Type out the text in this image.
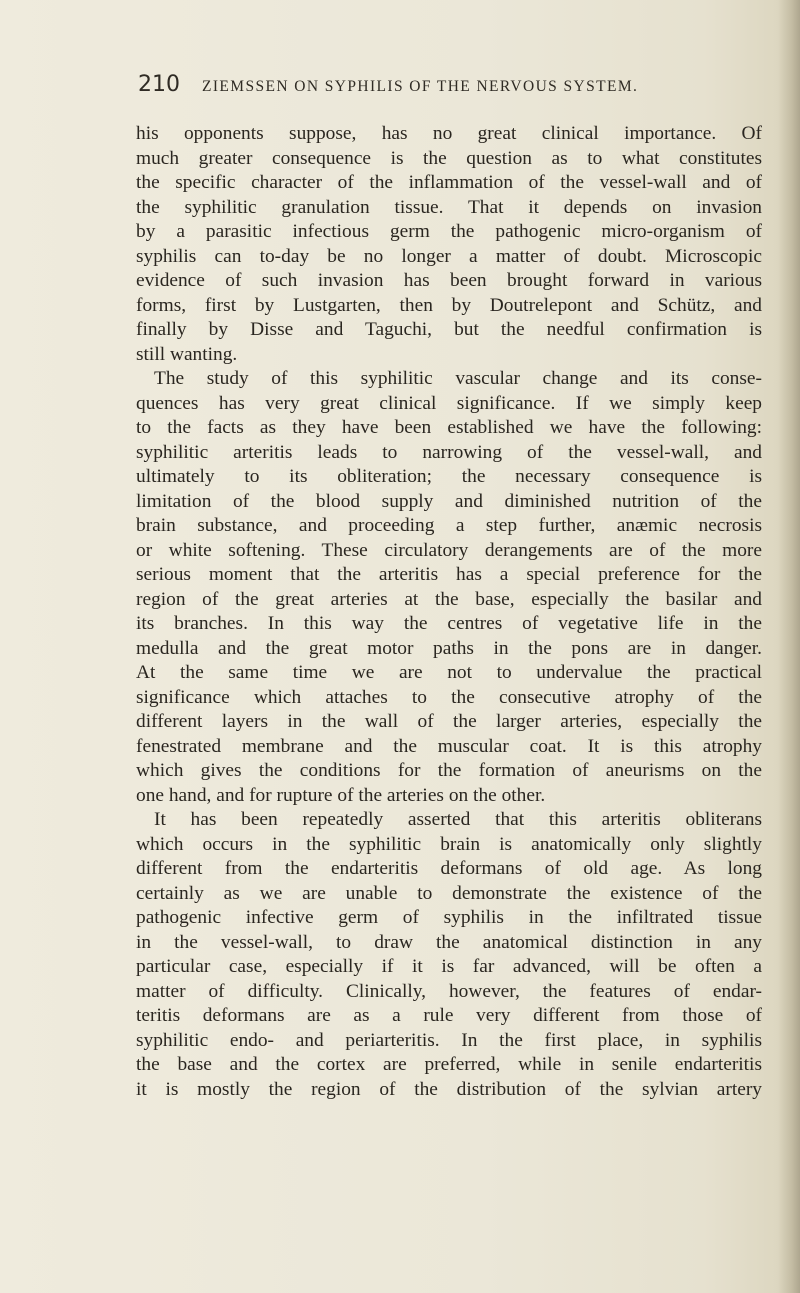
210	ZIEMSSEN ON SYPHILIS OF THE NERVOUS SYSTEM.
his opponents suppose, has no great clinical importance. Of
much greater consequence is the question as to what constitutes
the specific character of the inflammation of the vessel-wall and of
the syphilitic granulation tissue. That it depends on invasion
by a parasitic infectious germ the pathogenic micro-organism of
syphilis can to-day be no longer a matter of doubt. Microscopic
evidence of such invasion has been brought forward in various
forms, first by Lustgarten, then by Doutrelepont and Schütz, and
finally by Disse and Taguchi, but the needful confirmation is
still wanting.
The study of this syphilitic vascular change and its conse-
quences has very great clinical significance. If we simply keep
to the facts as they have been established we have the following:
syphilitic arteritis leads to narrowing of the vessel-wall, and
ultimately to its obliteration; the necessary consequence is
limitation of the blood supply and diminished nutrition of the
brain substance, and proceeding a step further, anæmic necrosis
or white softening. These circulatory derangements are of the more
serious moment that the arteritis has a special preference for the
region of the great arteries at the base, especially the basilar and
its branches. In this way the centres of vegetative life in the
medulla and the great motor paths in the pons are in danger.
At the same time we are not to undervalue the practical
significance which attaches to the consecutive atrophy of the
different layers in the wall of the larger arteries, especially the
fenestrated membrane and the muscular coat. It is this atrophy
which gives the conditions for the formation of aneurisms on the
one hand, and for rupture of the arteries on the other.
It has been repeatedly asserted that this arteritis obliterans
which occurs in the syphilitic brain is anatomically only slightly
different from the endarteritis deformans of old age. As long
certainly as we are unable to demonstrate the existence of the
pathogenic infective germ of syphilis in the infiltrated tissue
in the vessel-wall, to draw the anatomical distinction in any
particular case, especially if it is far advanced, will be often a
matter of difficulty. Clinically, however, the features of endar-
teritis deformans are as a rule very different from those of
syphilitic endo- and periarteritis. In the first place, in syphilis
the base and the cortex are preferred, while in senile endarteritis
it is mostly the region of the distribution of the sylvian artery
